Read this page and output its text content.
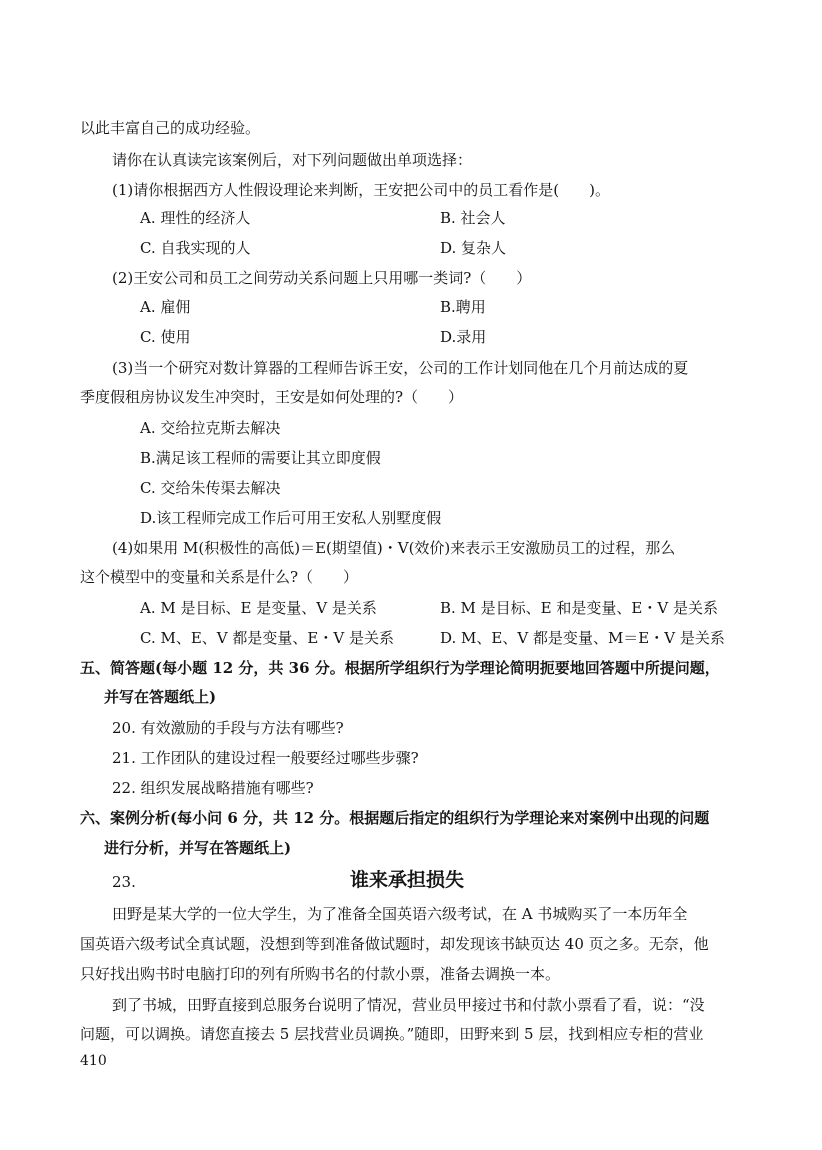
以此丰富自己的成功经验。
请你在认真读完该案例后，对下列问题做出单项选择：
(1)请你根据西方人性假设理论来判断，王安把公司中的员工看作是(　　)。
A. 理性的经济人	B. 社会人
C. 自我实现的人	D. 复杂人
(2)王安公司和员工之间劳动关系问题上只用哪一类词?（　　）
A. 雇佣	B.聘用
C. 使用	D.录用
(3)当一个研究对数计算器的工程师告诉王安，公司的工作计划同他在几个月前达成的夏
季度假租房协议发生冲突时，王安是如何处理的?（　　）
A. 交给拉克斯去解决
B.满足该工程师的需要让其立即度假
C. 交给朱传渠去解决
D.该工程师完成工作后可用王安私人别墅度假
(4)如果用 M(积极性的高低)＝E(期望值)・V(效价)来表示王安激励员工的过程，那么
这个模型中的变量和关系是什么?（　　）
A. M 是目标、E 是变量、V 是关系	B. M 是目标、E 和是变量、E・V 是关系
C. M、E、V 都是变量、E・V 是关系	D. M、E、V 都是变量、M＝E・V 是关系
五、简答题(每小题 12 分，共 36 分。根据所学组织行为学理论简明扼要地回答题中所提问题，
并写在答题纸上)
20. 有效激励的手段与方法有哪些?
21. 工作团队的建设过程一般要经过哪些步骤?
22. 组织发展战略措施有哪些?
六、案例分析(每小问 6 分，共 12 分。根据题后指定的组织行为学理论来对案例中出现的问题
进行分析，并写在答题纸上)
23.	谁来承担损失
田野是某大学的一位大学生，为了准备全国英语六级考试，在 A 书城购买了一本历年全
国英语六级考试全真试题，没想到等到准备做试题时，却发现该书缺页达 40 页之多。无奈，他
只好找出购书时电脑打印的列有所购书名的付款小票，准备去调换一本。
到了书城，田野直接到总服务台说明了情况，营业员甲接过书和付款小票看了看，说：“没
问题，可以调换。请您直接去 5 层找营业员调换。”随即，田野来到 5 层，找到相应专柜的营业
410
